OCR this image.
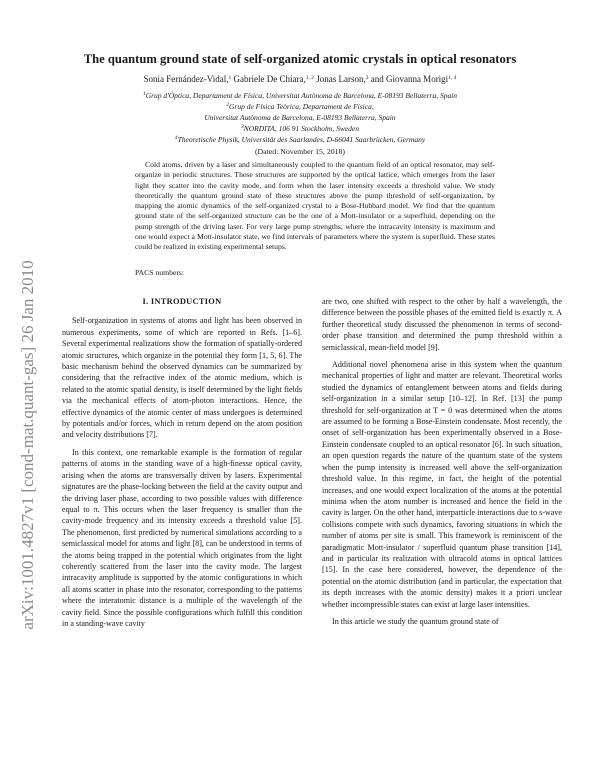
arXiv:1001.4827v1 [cond-mat.quant-gas] 26 Jan 2010
The quantum ground state of self-organized atomic crystals in optical resonators
Sonia Fernández-Vidal,$^1$ Gabriele De Chiara,$^{1, 2}$ Jonas Larson,$^3$ and Giovanna Morigi$^{1, 4}$
$^1$Grup d'Òptica, Departament de Física, Universitat Autònoma de Barcelona, E-08193 Bellaterra, Spain
$^2$Grup de Física Teòrica, Departament de Física,
Universitat Autònoma de Barcelona, E-08193 Bellaterra, Spain
$^3$NORDITA, 106 91 Stockholm, Sweden
$^4$Theoretische Physik, Universität des Saarlandes, D-66041 Saarbrücken, Germany
(Dated: November 15, 2018)

Cold atoms, driven by a laser and simultaneously coupled to the quantum field of an optical resonator, may self-organize in periodic structures. These structures are supported by the optical lattice, which emerges from the laser light they scatter into the cavity mode, and form when the laser intensity exceeds a threshold value. We study theoretically the quantum ground state of these structures above the pump threshold of self-organization, by mapping the atomic dynamics of the self-organized crystal to a Bose-Hubbard model. We find that the quantum ground state of the self-organized structure can be the one of a Mott-insulator or a superfluid, depending on the pump strength of the driving laser. For very large pump strengths, where the intracavity intensity is maximum and one would expect a Mott-insulator state, we find intervals of parameters where the system is superfluid. These states could be realized in existing experimental setups.

PACS numbers:
I. INTRODUCTION

Self-organization in systems of atoms and light has been observed in numerous experiments, some of which are reported in Refs. [1–6]. Several experimental realizations show the formation of spatially-ordered atomic structures, which organize in the potential they form [1, 5, 6]. The basic mechanism behind the observed dynamics can be summarized by considering that the refractive index of the atomic medium, which is related to the atomic spatial density, is itself determined by the light fields via the mechanical effects of atom-photon interactions. Hence, the effective dynamics of the atomic center of mass undergoes is determined by potentials and/or forces, which in return depend on the atom position and velocity distributions [7].

In this context, one remarkable example is the formation of regular patterns of atoms in the standing wave of a high-finesse optical cavity, arising when the atoms are transversally driven by lasers. Experimental signatures are the phase-locking between the field at the cavity output and the driving laser phase, according to two possible values with difference equal to π. This occurs when the laser frequency is smaller than the cavity-mode frequency and its intensity exceeds a threshold value [5]. The phenomenon, first predicted by numerical simulations according to a semiclassical model for atoms and light [8], can be understood in terms of the atoms being trapped in the potential which originates from the light coherently scattered from the laser into the cavity mode. The largest intracavity amplitude is supported by the atomic configurations in which all atoms scatter in phase into the resonator, corresponding to the patterns where the interatomic distance is a multiple of the wavelength of the cavity field. Since the possible configurations which fulfill this condition in a standing-wave cavity

are two, one shifted with respect to the other by half a wavelength, the difference between the possible phases of the emitted field is exactly π. A further theoretical study discussed the phenomenon in terms of second-order phase transition and determined the pump threshold within a semiclassical, mean-field model [9].

Additional novel phenomena arise in this system when the quantum mechanical properties of light and matter are relevant. Theoretical works studied the dynamics of entanglement between atoms and fields during self-organization in a similar setup [10–12]. In Ref. [13] the pump threshold for self-organization at T = 0 was determined when the atoms are assumed to be forming a Bose-Einstein condensate. Most recently, the onset of self-organization has been experimentally observed in a Bose-Einstein condensate coupled to an optical resonator [6]. In such situation, an open question regards the nature of the quantum state of the system when the pump intensity is increased well above the self-organization threshold value. In this regime, in fact, the height of the potential increases, and one would expect localization of the atoms at the potential minima when the atom number is increased and hence the field in the cavity is larger. On the other hand, interparticle interactions due to s-wave collisions compete with such dynamics, favoring situations in which the number of atoms per site is small. This framework is reminiscent of the paradigmatic Mott-insulator / superfluid quantum phase transition [14], and in particular its realization with ultracold atoms in optical lattices [15]. In the case here considered, however, the dependence of the potential on the atomic distribution (and in particular, the expectation that its depth increases with the atomic density) makes it a priori unclear whether incompressible states can exist at large laser intensities.

In this article we study the quantum ground state of
